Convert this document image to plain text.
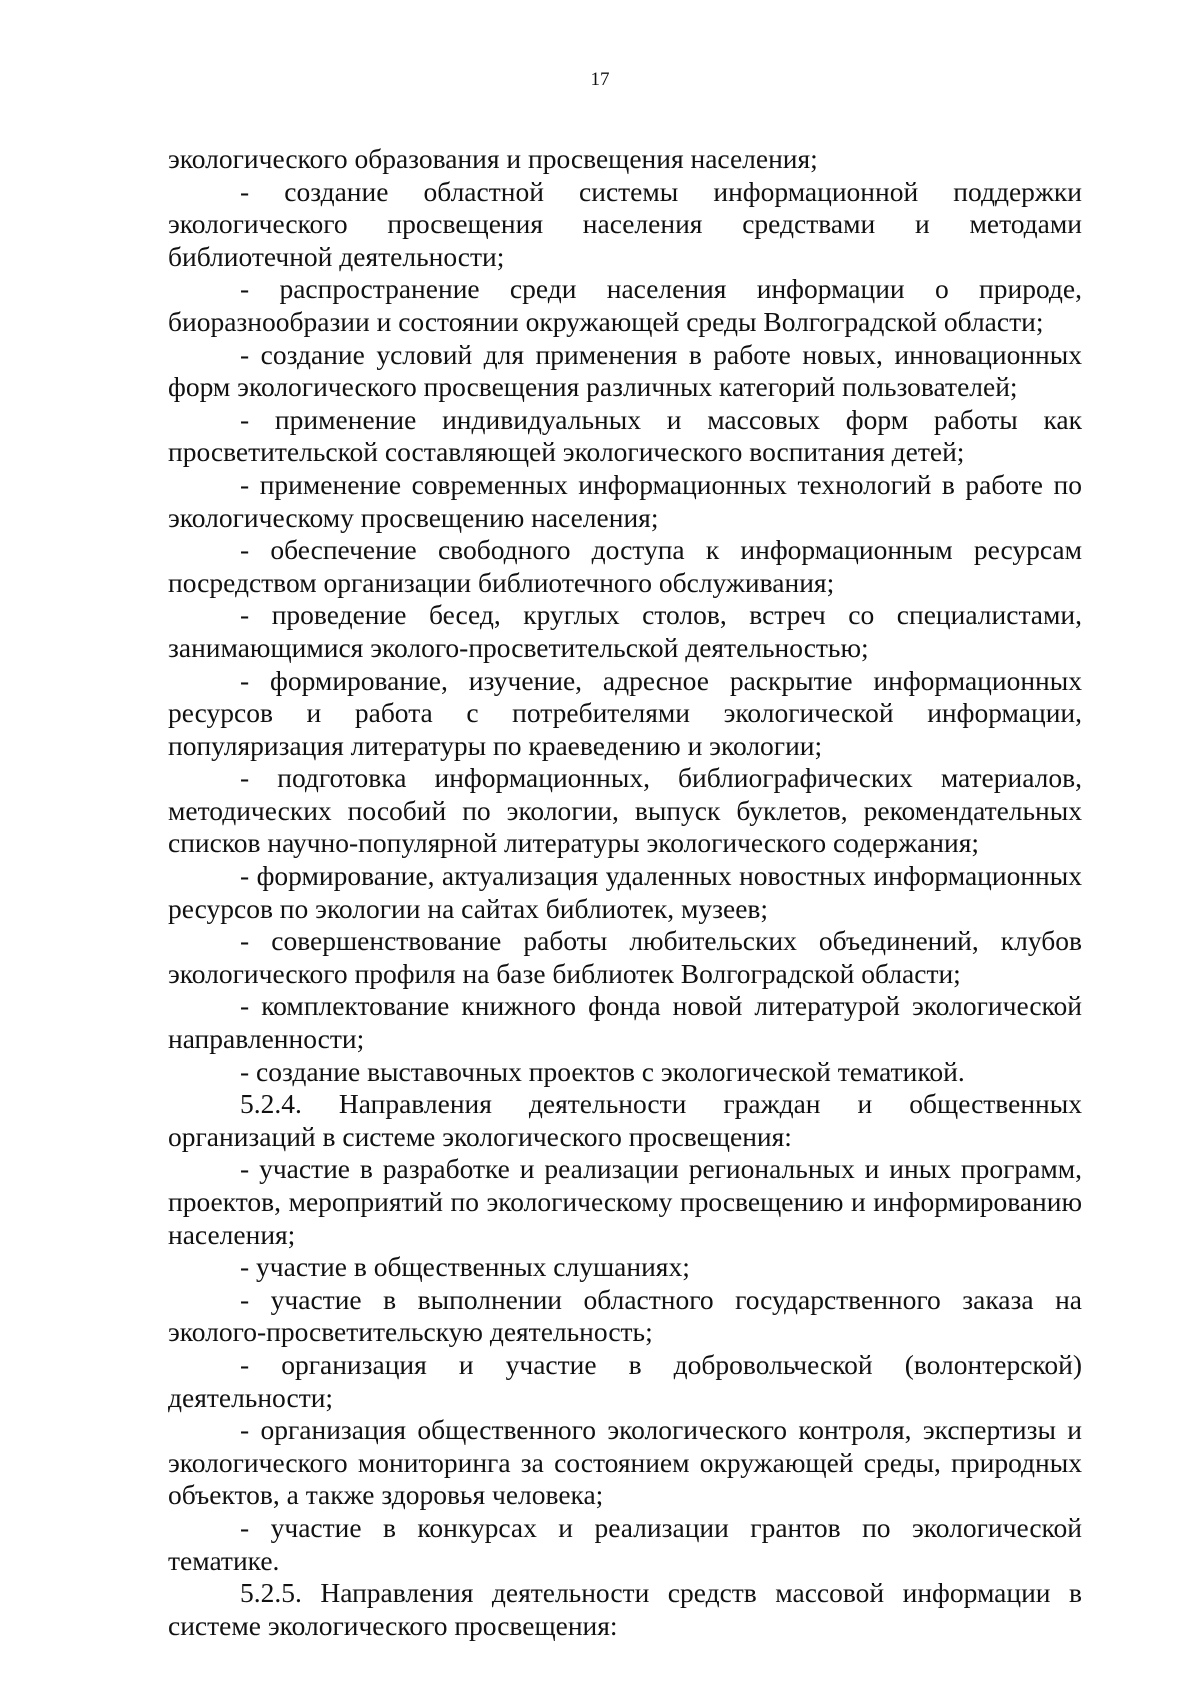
17

экологического образования и просвещения населения;

- создание областной системы информационной поддержки экологического просвещения населения средствами и методами библиотечной деятельности;

- распространение среди населения информации о природе, биоразнообразии и состоянии окружающей среды Волгоградской области;

- создание условий для применения в работе новых, инновационных форм экологического просвещения различных категорий пользователей;

- применение индивидуальных и массовых форм работы как просветительской составляющей экологического воспитания детей;

- применение современных информационных технологий в работе по экологическому просвещению населения;

- обеспечение свободного доступа к информационным ресурсам посредством организации библиотечного обслуживания;

- проведение бесед, круглых столов, встреч со специалистами, занимающимися эколого-просветительской деятельностью;

- формирование, изучение, адресное раскрытие информационных ресурсов и работа с потребителями экологической информации, популяризация литературы по краеведению и экологии;

- подготовка информационных, библиографических материалов, методических пособий по экологии, выпуск буклетов, рекомендательных списков научно-популярной литературы экологического содержания;

- формирование, актуализация удаленных новостных информационных ресурсов по экологии на сайтах библиотек, музеев;

- совершенствование работы любительских объединений, клубов экологического профиля на базе библиотек Волгоградской области;

- комплектование книжного фонда новой литературой экологической направленности;

- создание выставочных проектов с экологической тематикой.

5.2.4. Направления деятельности граждан и общественных организаций в системе экологического просвещения:

- участие в разработке и реализации региональных и иных программ, проектов, мероприятий по экологическому просвещению и информированию населения;

- участие в общественных слушаниях;

- участие в выполнении областного государственного заказа на эколого-просветительскую деятельность;

- организация и участие в добровольческой (волонтерской) деятельности;

- организация общественного экологического контроля, экспертизы и экологического мониторинга за состоянием окружающей среды, природных объектов, а также здоровья человека;

- участие в конкурсах и реализации грантов по экологической тематике.

5.2.5. Направления деятельности средств массовой информации в системе экологического просвещения:
